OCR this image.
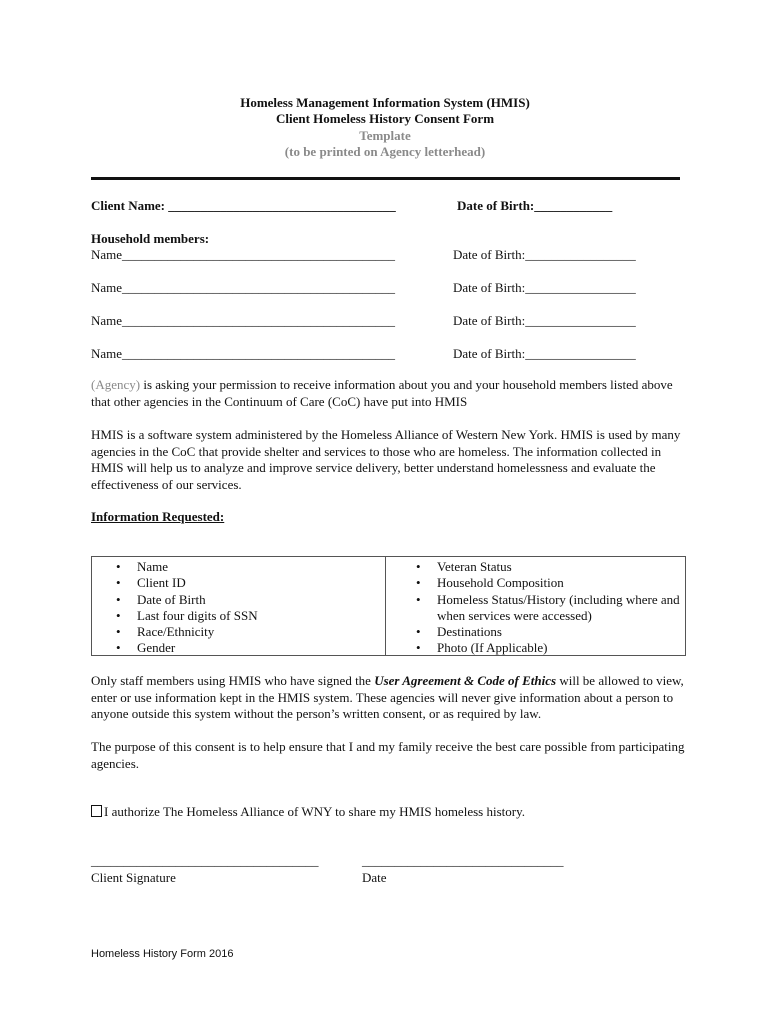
Homeless Management Information System (HMIS)
Client Homeless History Consent Form
Template
(to be printed on Agency letterhead)
Client Name: ___________________________________	Date of Birth:____________
Household members:
Name__________________________________________	Date of Birth:_________________
Name__________________________________________	Date of Birth:_________________
Name__________________________________________	Date of Birth:_________________
Name__________________________________________	Date of Birth:_________________
(Agency) is asking your permission to receive information about you and your household members listed above that other agencies in the Continuum of Care (CoC) have put into HMIS
HMIS is a software system administered by the Homeless Alliance of Western New York. HMIS is used by many agencies in the CoC that provide shelter and services to those who are homeless. The information collected in HMIS will help us to analyze and improve service delivery, better understand homelessness and evaluate the effectiveness of our services.
Information Requested:
• Name
• Client ID
• Date of Birth
• Last four digits of SSN
• Race/Ethnicity
• Gender
• Veteran Status
• Household Composition
• Homeless Status/History (including where and when services were accessed)
• Destinations
• Photo (If Applicable)
Only staff members using HMIS who have signed the User Agreement & Code of Ethics will be allowed to view, enter or use information kept in the HMIS system. These agencies will never give information about a person to anyone outside this system without the person’s written consent, or as required by law.
The purpose of this consent is to help ensure that I and my family receive the best care possible from participating agencies.
I authorize The Homeless Alliance of WNY to share my HMIS homeless history.
___________________________________
Client Signature
_______________________________
Date
Homeless History Form 2016
